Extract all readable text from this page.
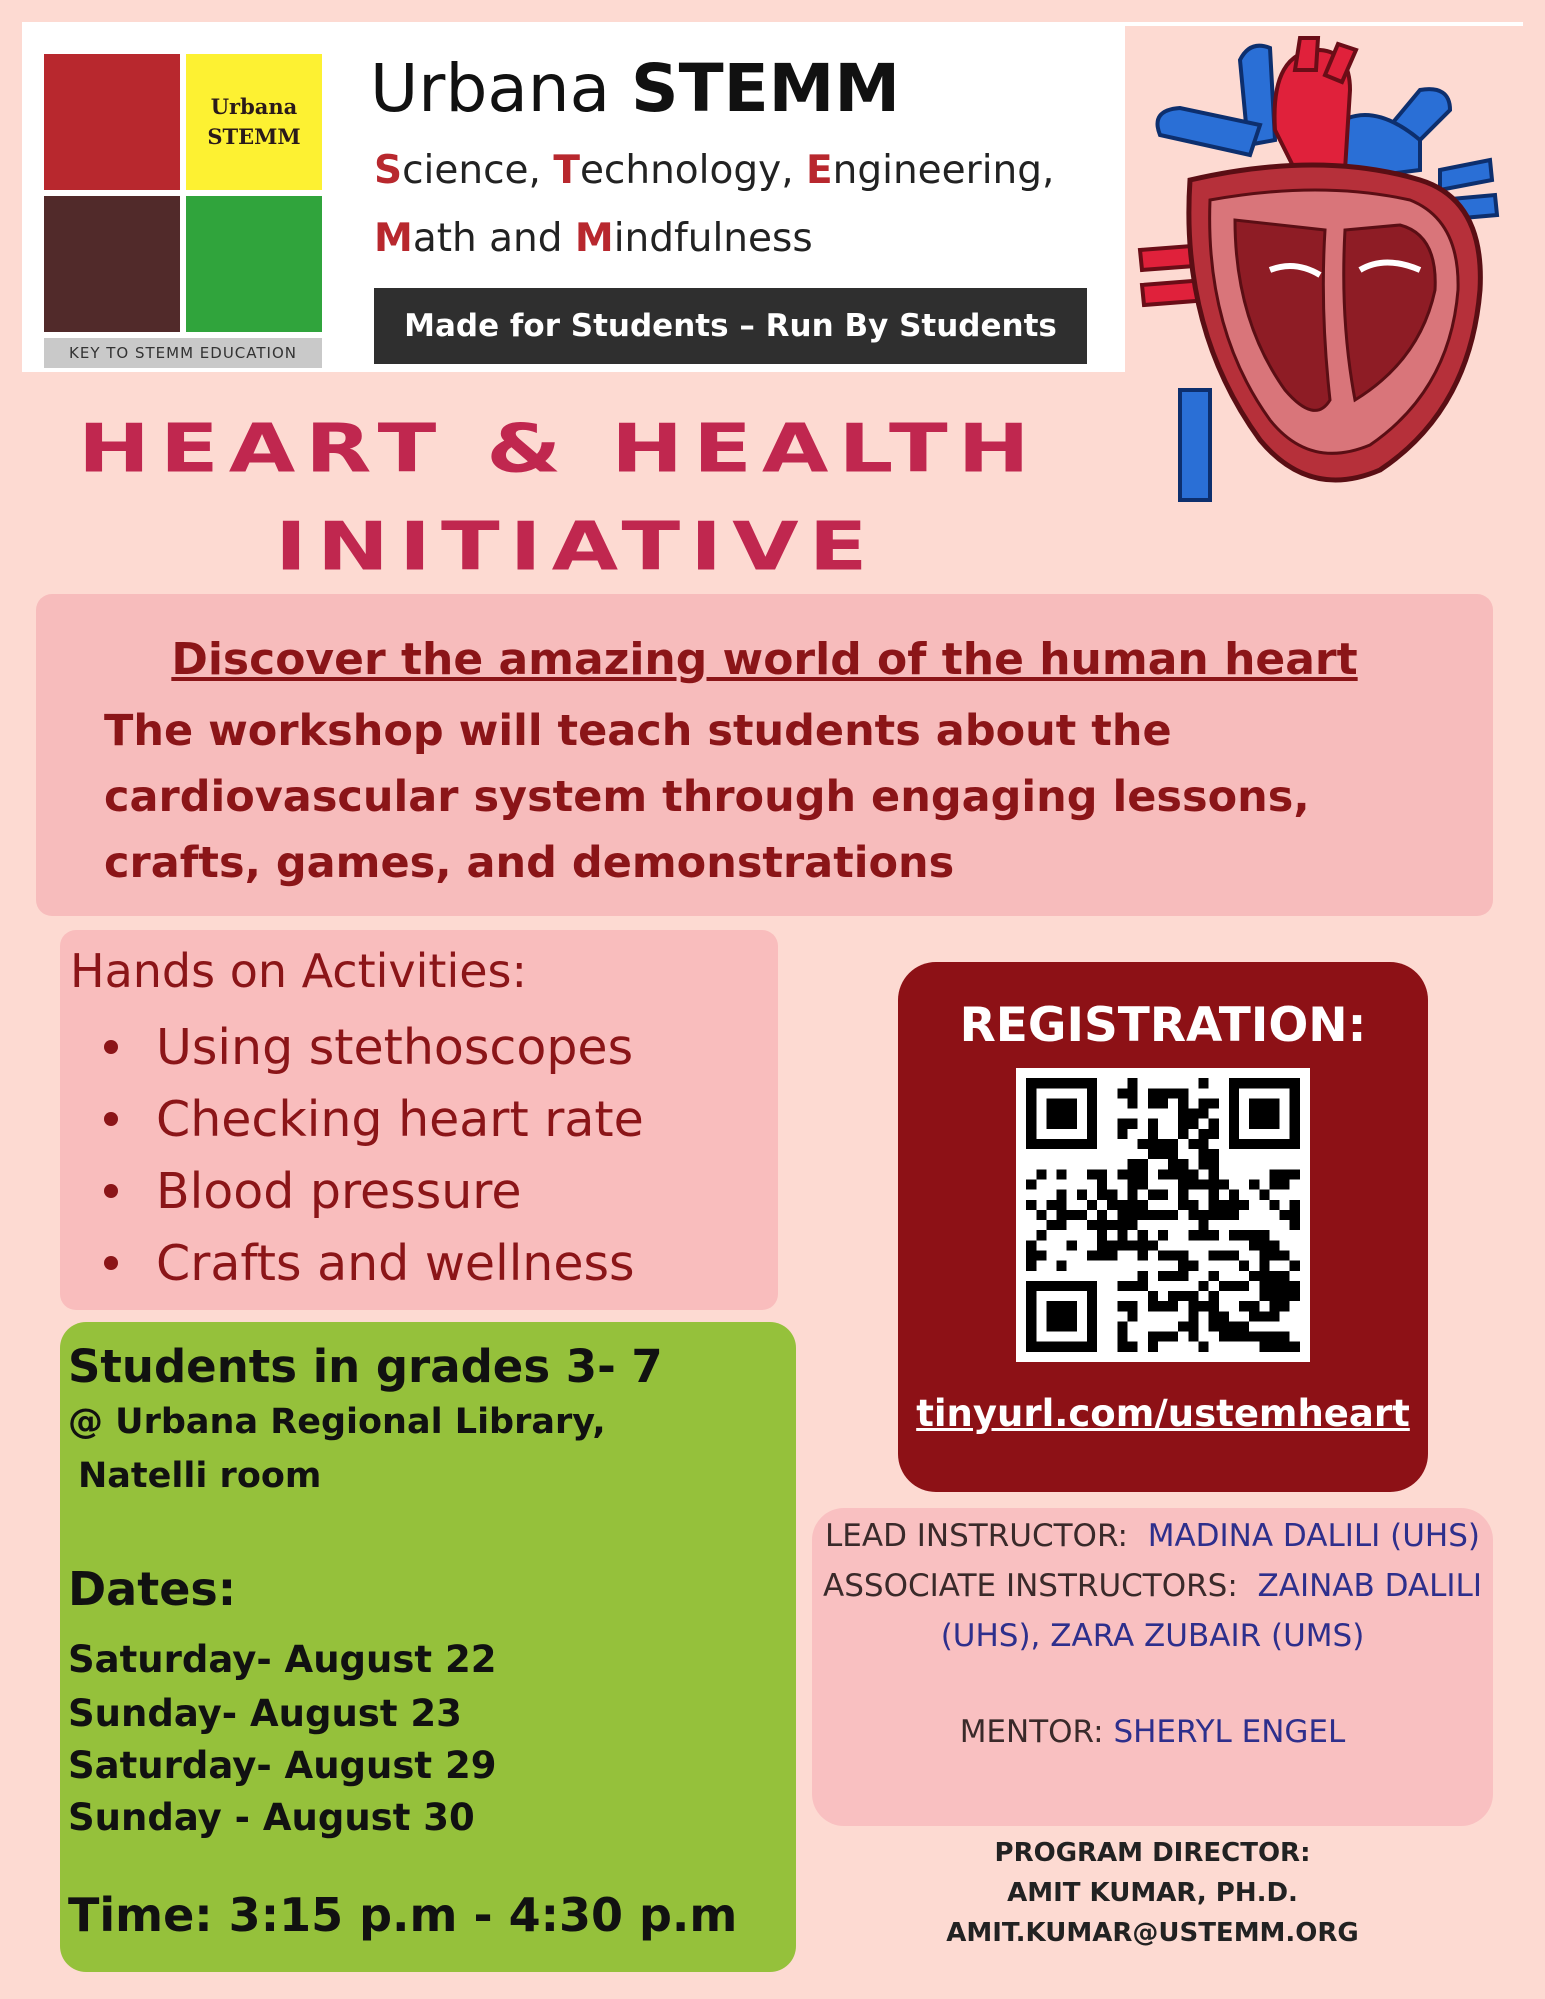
Urbana
STEMM
KEY TO STEMM EDUCATION
Urbana STEMM
Science, Technology, Engineering,
Math and Mindfulness
Made for Students – Run By Students
HEART & HEALTH
INITIATIVE
Discover the amazing world of the human heart
The workshop will teach students about the cardiovascular system through engaging lessons, crafts, games, and demonstrations
Hands on Activities:
Using stethoscopes
Checking heart rate
Blood pressure
Crafts and wellness
Students in grades 3- 7
@ Urbana Regional Library,
Natelli room
Dates:
Saturday- August 22
Sunday- August 23
Saturday- August 29
Sunday - August 30
Time: 3:15 p.m - 4:30 p.m
REGISTRATION:
tinyurl.com/ustemheart
LEAD INSTRUCTOR: MADINA DALILI (UHS)
ASSOCIATE INSTRUCTORS: ZAINAB DALILI
(UHS), ZARA ZUBAIR (UMS)
MENTOR: SHERYL ENGEL
PROGRAM DIRECTOR:
AMIT KUMAR, PH.D.
AMIT.KUMAR@USTEMM.ORG
